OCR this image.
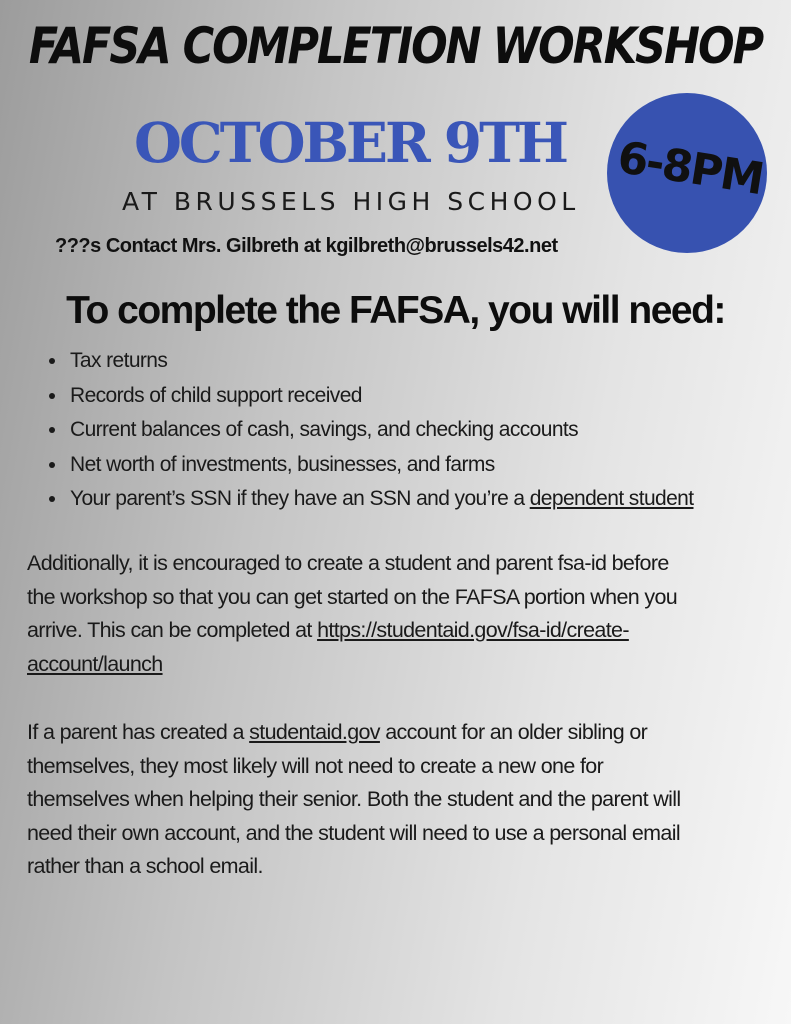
FAFSA COMPLETION WORKSHOP
OCTOBER 9TH
AT BRUSSELS HIGH SCHOOL 6-8PM
???s Contact Mrs. Gilbreth at kgilbreth@brussels42.net
To complete the FAFSA, you will need:
• Tax returns
• Records of child support received
• Current balances of cash, savings, and checking accounts
• Net worth of investments, businesses, and farms
• Your parent’s SSN if they have an SSN and you’re a dependent student

Additionally, it is encouraged to create a student and parent fsa-id before
the workshop so that you can get started on the FAFSA portion when you
arrive. This can be completed at https://studentaid.gov/fsa-id/create-
account/launch

If a parent has created a studentaid.gov account for an older sibling or
themselves, they most likely will not need to create a new one for
themselves when helping their senior. Both the student and the parent will
need their own account, and the student will need to use a personal email
rather than a school email.
